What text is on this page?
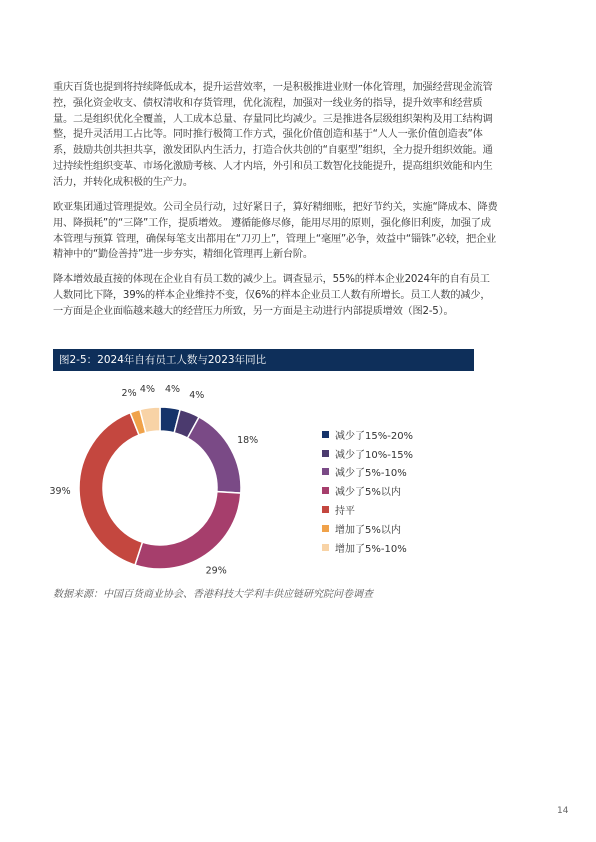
重庆百货也提到将持续降低成本，提升运营效率，一是积极推进业财一体化管理，加强经营现金流管控，强化资金收支、债权清收和存货管理，优化流程，加强对一线业务的指导，提升效率和经营质量。二是组织优化全覆盖，人工成本总量、存量同比均减少。三是推进各层级组织架构及用工结构调整，提升灵活用工占比等。同时推行极简工作方式，强化价值创造和基于“人人一张价值创造表”体系，鼓励共创共担共享，激发团队内生活力，打造合伙共创的“自驱型”组织，全力提升组织效能。通过持续性组织变革、市场化激励考核、人才内培，外引和员工数智化技能提升，提高组织效能和内生活力，并转化成积极的生产力。

欧亚集团通过管理提效。公司全员行动，过好紧日子，算好精细账，把好节约关，实施“降成本、降费用、降损耗”的“三降”工作，提质增效。 遵循能修尽修，能用尽用的原则，强化修旧利废，加强了成本管理与预算 管理，确保每笔支出都用在“刀刃上”，管理上“毫厘”必争，效益中“锱铢”必较，把企业精神中的“勤俭善持”进一步夯实，精细化管理再上新台阶。

降本增效最直接的体现在企业自有员工数的减少上。调查显示，55%的样本企业2024年的自有员工人数同比下降，39%的样本企业维持不变，仅6%的样本企业员工人数有所增长。员工人数的减少，一方面是企业面临越来越大的经营压力所致，另一方面是主动进行内部提质增效（图2-5）。

图2-5：2024年自有员工人数与2023年同比
4%
4%
18%
29%
39%
2% 4%
减少了15%-20%
减少了10%-15%
减少了5%-10%
减少了5%以内
持平
增加了5%以内
增加了5%-10%
数据来源：中国百货商业协会、香港科技大学利丰供应链研究院问卷调查
14
